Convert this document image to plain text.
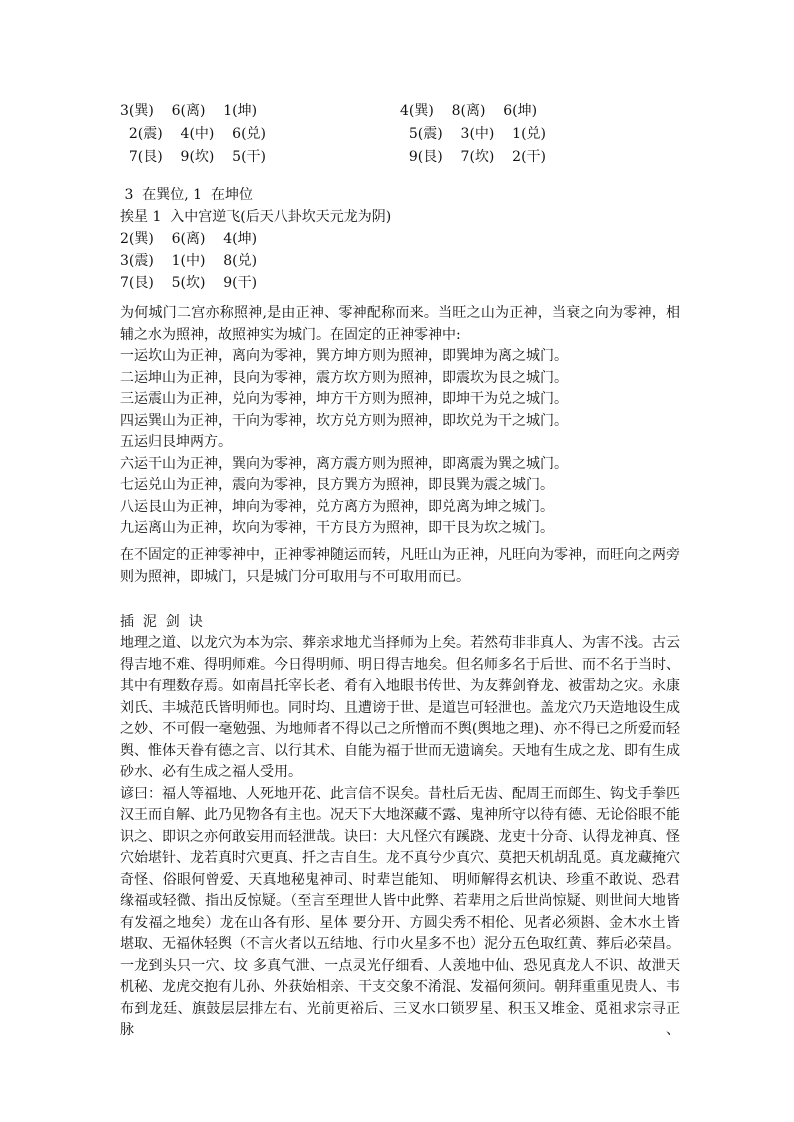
3(巽)    6(离)    1(坤)
2(震)    4(中)    6(兑)
7(艮)    9(坎)    5(干)
4(巽)    8(离)    6(坤)
5(震)    3(中)    1(兑)
9(艮)    7(坎)    2(干)
3  在巽位, 1  在坤位
挨星 1  入中宫逆飞(后天八卦坎天元龙为阴)
2(巽)    6(离)    4(坤)
3(震)    1(中)    8(兑)
7(艮)    5(坎)    9(干)

为何城门二宫亦称照神,是由正神、零神配称而来。当旺之山为正神，当衰之向为零神，相

辅之水为照神，故照神实为城门。在固定的正神零神中:

一运坎山为正神，离向为零神，巽方坤方则为照神，即巽坤为离之城门。

二运坤山为正神，艮向为零神，震方坎方则为照神，即震坎为艮之城门。

三运震山为正神，兑向为零神，坤方干方则为照神，即坤干为兑之城门。

四运巽山为正神，干向为零神，坎方兑方则为照神，即坎兑为干之城门。

五运归艮坤两方。

六运干山为正神，巽向为零神，离方震方则为照神，即离震为巽之城门。

七运兑山为正神，震向为零神，艮方巽方为照神，即艮巽为震之城门。

八运艮山为正神，坤向为零神，兑方离方为照神，即兑离为坤之城门。

九运离山为正神，坎向为零神，干方艮方为照神，即干艮为坎之城门。

在不固定的正神零神中，正神零神随运而转，凡旺山为正神，凡旺向为零神，而旺向之两旁

则为照神，即城门，只是城门分可取用与不可取用而已。

插  泥  剑  诀

地理之道、以龙穴为本为宗、葬亲求地尤当择师为上矣。若然苟非非真人、为害不浅。古云

得吉地不难、得明师难。今日得明师、明日得吉地矣。但名师多名于后世、而不名于当时、

其中有理数存焉。如南昌托宰长老、肴有入地眼书传世、为友葬剑脊龙、被雷劫之灾。永康

刘氏、丰城范氏皆明师也。同时均、且遭谤于世、是道岂可轻泄也。盖龙穴乃天造地设生成

之妙、不可假一毫勉强、为地师者不得以己之所憎而不舆(舆地之理)、亦不得已之所爱而轻

舆、惟体天眷有德之言、以行其术、自能为福于世而无遗谪矣。天地有生成之龙、即有生成

砂水、必有生成之福人受用。

谚曰：福人等福地、人死地开花、此言信不误矣。昔杜后无齿、配周王而郎生、钩戈手拳匹

汉王而自解、此乃见物各有主也。况天下大地深藏不露、鬼神所守以待有德、无论俗眼不能

识之、即识之亦何敢妄用而轻泄哉。诀曰：大凡怪穴有蹊跷、龙吏十分奇、认得龙神真、怪

穴始堪针、龙若真时穴更真、扦之吉自生。龙不真兮少真穴、莫把天机胡乱觅。真龙藏掩穴

奇怪、俗眼何曾爱、天真地秘鬼神司、时辈岂能知、 明师解得玄机诀、珍重不敢说、恐君

缘福或轻微、指出反惊疑。（至言至理世人皆中此弊、若辈用之后世尚惊疑、则世间大地皆

有发福之地矣）龙在山各有形、星体 要分开、方圆尖秀不相伦、见者必须斟、金木水土皆

堪取、无福休轻舆（不言火者以五结地、行巾火星多不也）泥分五色取红黄、葬后必荣昌。

一龙到头只一穴、坟 多真气泄、一点灵光仔细看、人羡地中仙、恐见真龙人不识、故泄天

机秘、龙虎交抱有儿孙、外获始相亲、干支交象不淆混、发福何须问。朝拜重重见贵人、韦

布到龙廷、旗鼓层层排左右、光前更裕后、三叉水口锁罗星、积玉又堆金、觅祖求宗寻正脉、
